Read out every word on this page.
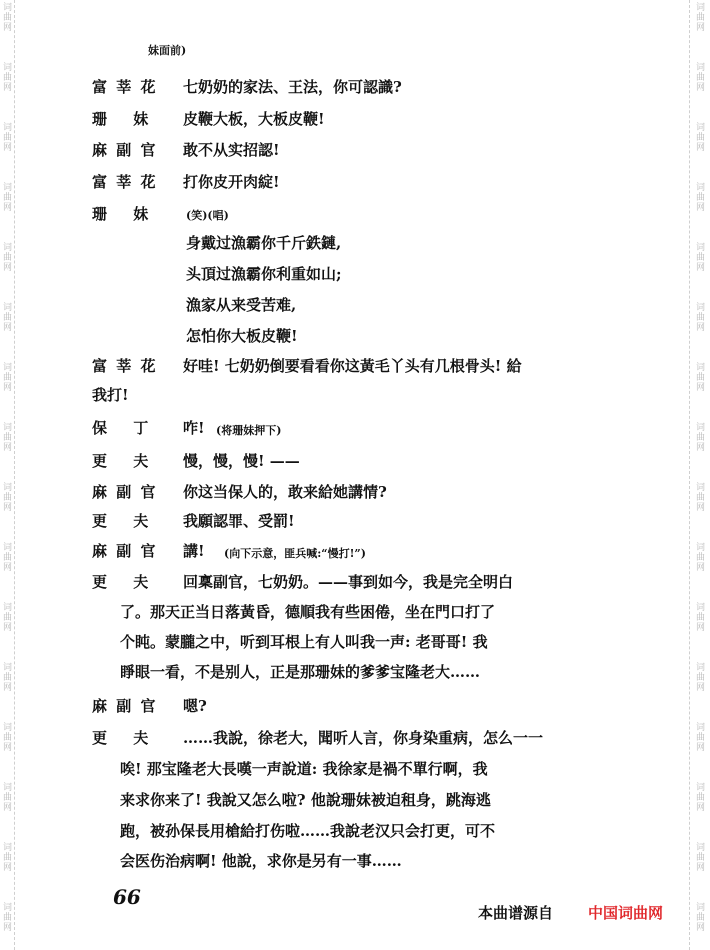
词曲网
词曲网
词曲网
词曲网
词曲网
词曲网
词曲网
词曲网
词曲网
词曲网
词曲网
词曲网
词曲网
词曲网
词曲网
词曲网
词曲网
词曲网
词曲网
词曲网
词曲网
词曲网
词曲网
词曲网
词曲网
词曲网
词曲网
词曲网
词曲网
词曲网
词曲网
词曲网
妹面前)
富 莘 花 七奶奶的家法、王法，你可認識?
珊　 妹 皮鞭大板，大板皮鞭!
麻 副 官 敢不从实招認!
富 莘 花 打你皮开肉綻!
珊　 妹	(笑)(唱)
身戴过漁霸你千斤鉄鏈,
头頂过漁霸你利重如山;
漁家从来受苦难,
怎怕你大板皮鞭!
富 莘 花 好哇! 七奶奶倒要看看你这黃毛丫头有几根骨头! 給
我打!
保　 丁 咋! (将珊妹押下)
更　 夫 慢，慢，慢! ——
麻 副 官 你这当保人的，敢来給她講情?
更　 夫 我願認罪、受罰!
麻 副 官 講! (向下示意，匪兵喊:“慢打!”)
更　 夫 回稟副官，七奶奶。——事到如今，我是完全明白
了。那天正当日落黃昏，德順我有些困倦，坐在門口打了
个盹。蒙朧之中，听到耳根上有人叫我一声: 老哥哥! 我
睜眼一看，不是别人，正是那珊妹的爹爹宝隆老大……
麻 副 官 嗯?
更　 夫 ……我說，徐老大，聞听人言，你身染重病，怎么一一
唉! 那宝隆老大長嘆一声說道: 我徐家是禍不單行啊，我
来求你来了! 我說又怎么啦? 他說珊妹被迫租身，跳海逃
跑，被孙保長用槍給打伤啦……我說老汉只会打更，可不
会医伤治病啊! 他說，求你是另有一事……
66
本曲谱源自 中国词曲网
